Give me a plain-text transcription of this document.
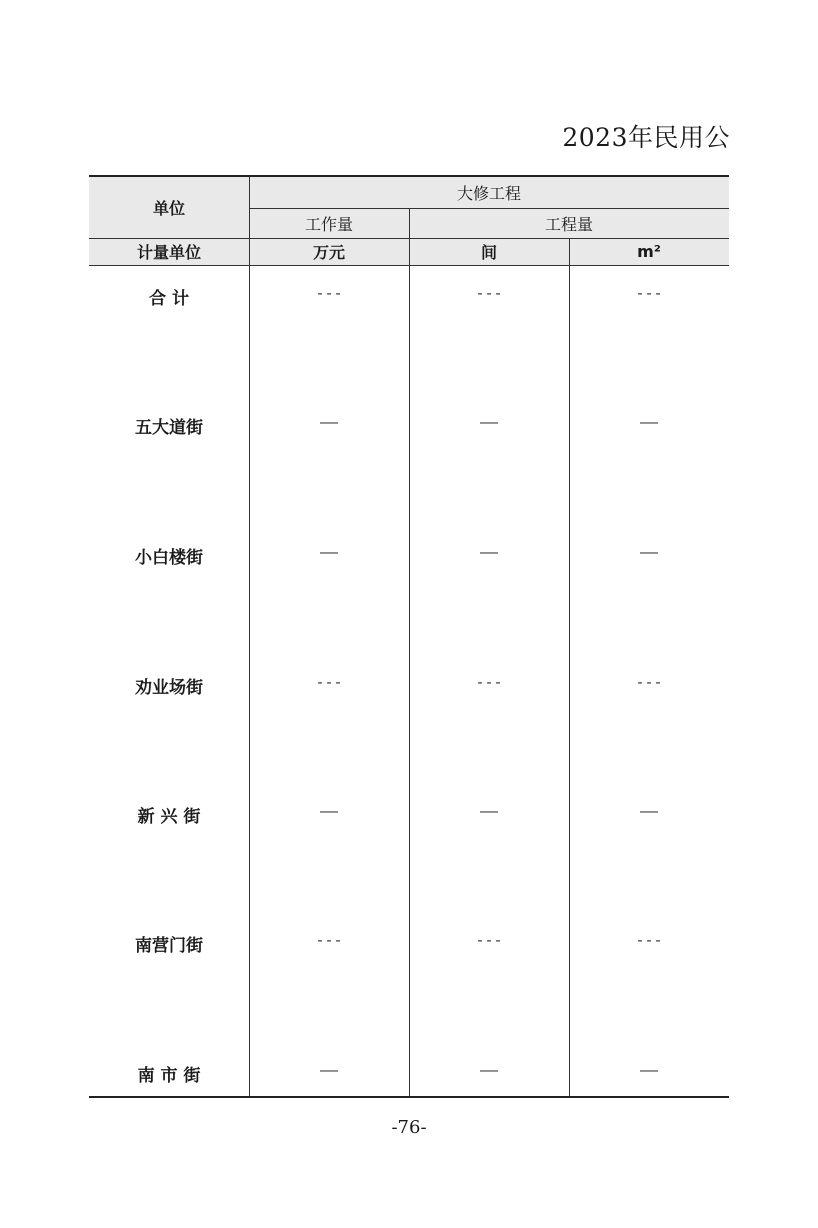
2023年民用公
单位
大修工程
工作量	工程量
计量单位	万元	间	m²
合 计	---	---	---
五大道街	——	——	——
小白楼街	——	——	——
劝业场街	---	---	---
新 兴 街	——	——	——
南营门街	---	---	---
南 市 街	——	——	——
-76-
